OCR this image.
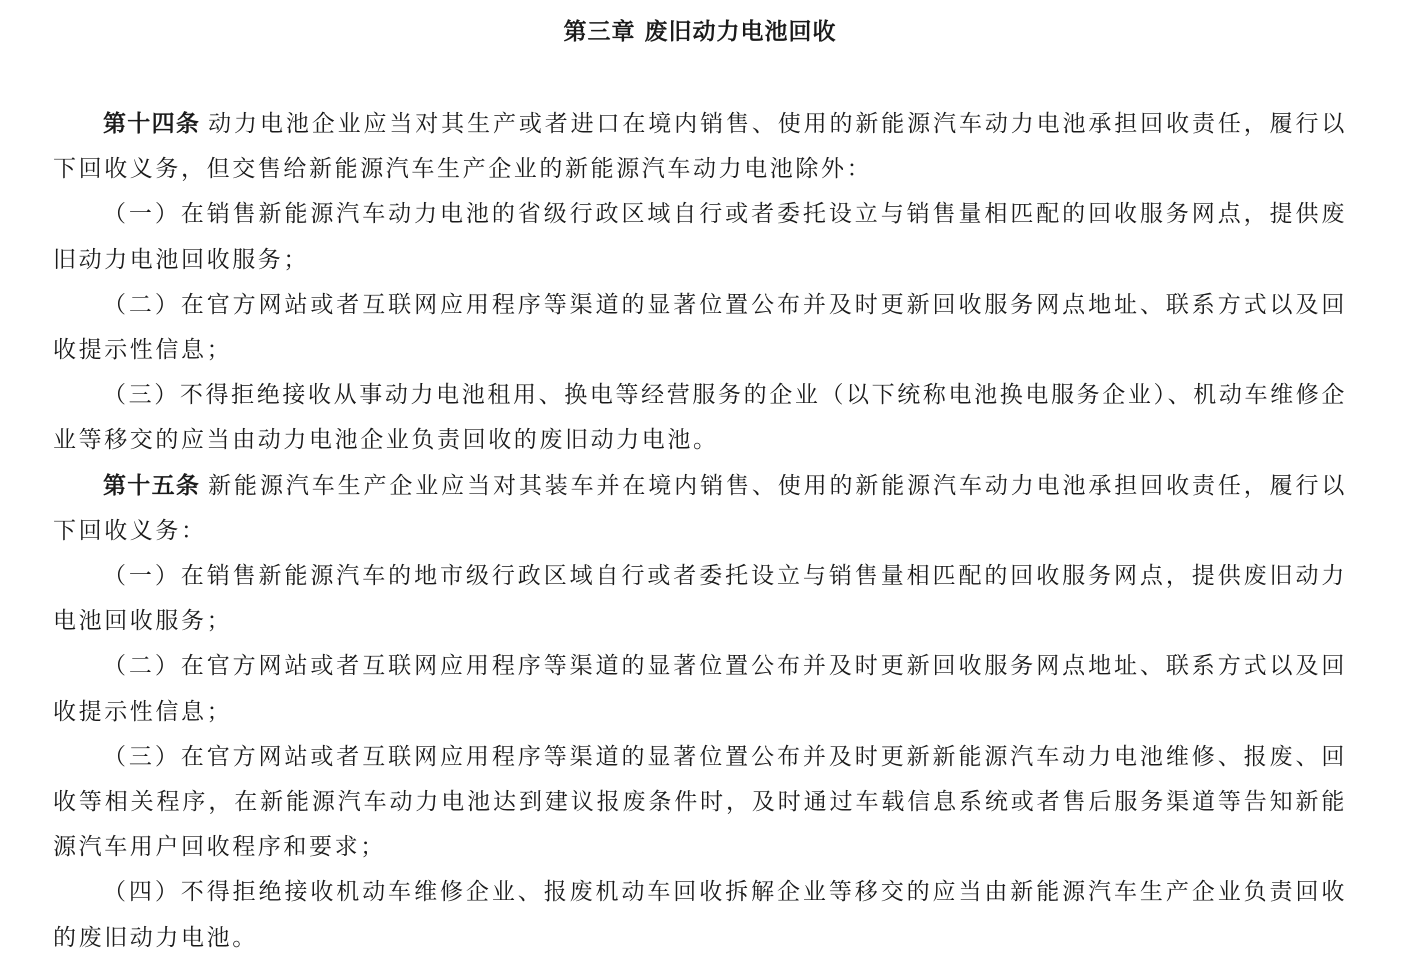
第三章 废旧动力电池回收

第十四条 动力电池企业应当对其生产或者进口在境内销售、使用的新能源汽车动力电池承担回收责任，履行以下回收义务，但交售给新能源汽车生产企业的新能源汽车动力电池除外：

（一）在销售新能源汽车动力电池的省级行政区域自行或者委托设立与销售量相匹配的回收服务网点，提供废旧动力电池回收服务；

（二）在官方网站或者互联网应用程序等渠道的显著位置公布并及时更新回收服务网点地址、联系方式以及回收提示性信息；

（三）不得拒绝接收从事动力电池租用、换电等经营服务的企业（以下统称电池换电服务企业）、机动车维修企业等移交的应当由动力电池企业负责回收的废旧动力电池。

第十五条 新能源汽车生产企业应当对其装车并在境内销售、使用的新能源汽车动力电池承担回收责任，履行以下回收义务：

（一）在销售新能源汽车的地市级行政区域自行或者委托设立与销售量相匹配的回收服务网点，提供废旧动力电池回收服务；

（二）在官方网站或者互联网应用程序等渠道的显著位置公布并及时更新回收服务网点地址、联系方式以及回收提示性信息；

（三）在官方网站或者互联网应用程序等渠道的显著位置公布并及时更新新能源汽车动力电池维修、报废、回收等相关程序，在新能源汽车动力电池达到建议报废条件时，及时通过车载信息系统或者售后服务渠道等告知新能源汽车用户回收程序和要求；

（四）不得拒绝接收机动车维修企业、报废机动车回收拆解企业等移交的应当由新能源汽车生产企业负责回收的废旧动力电池。
